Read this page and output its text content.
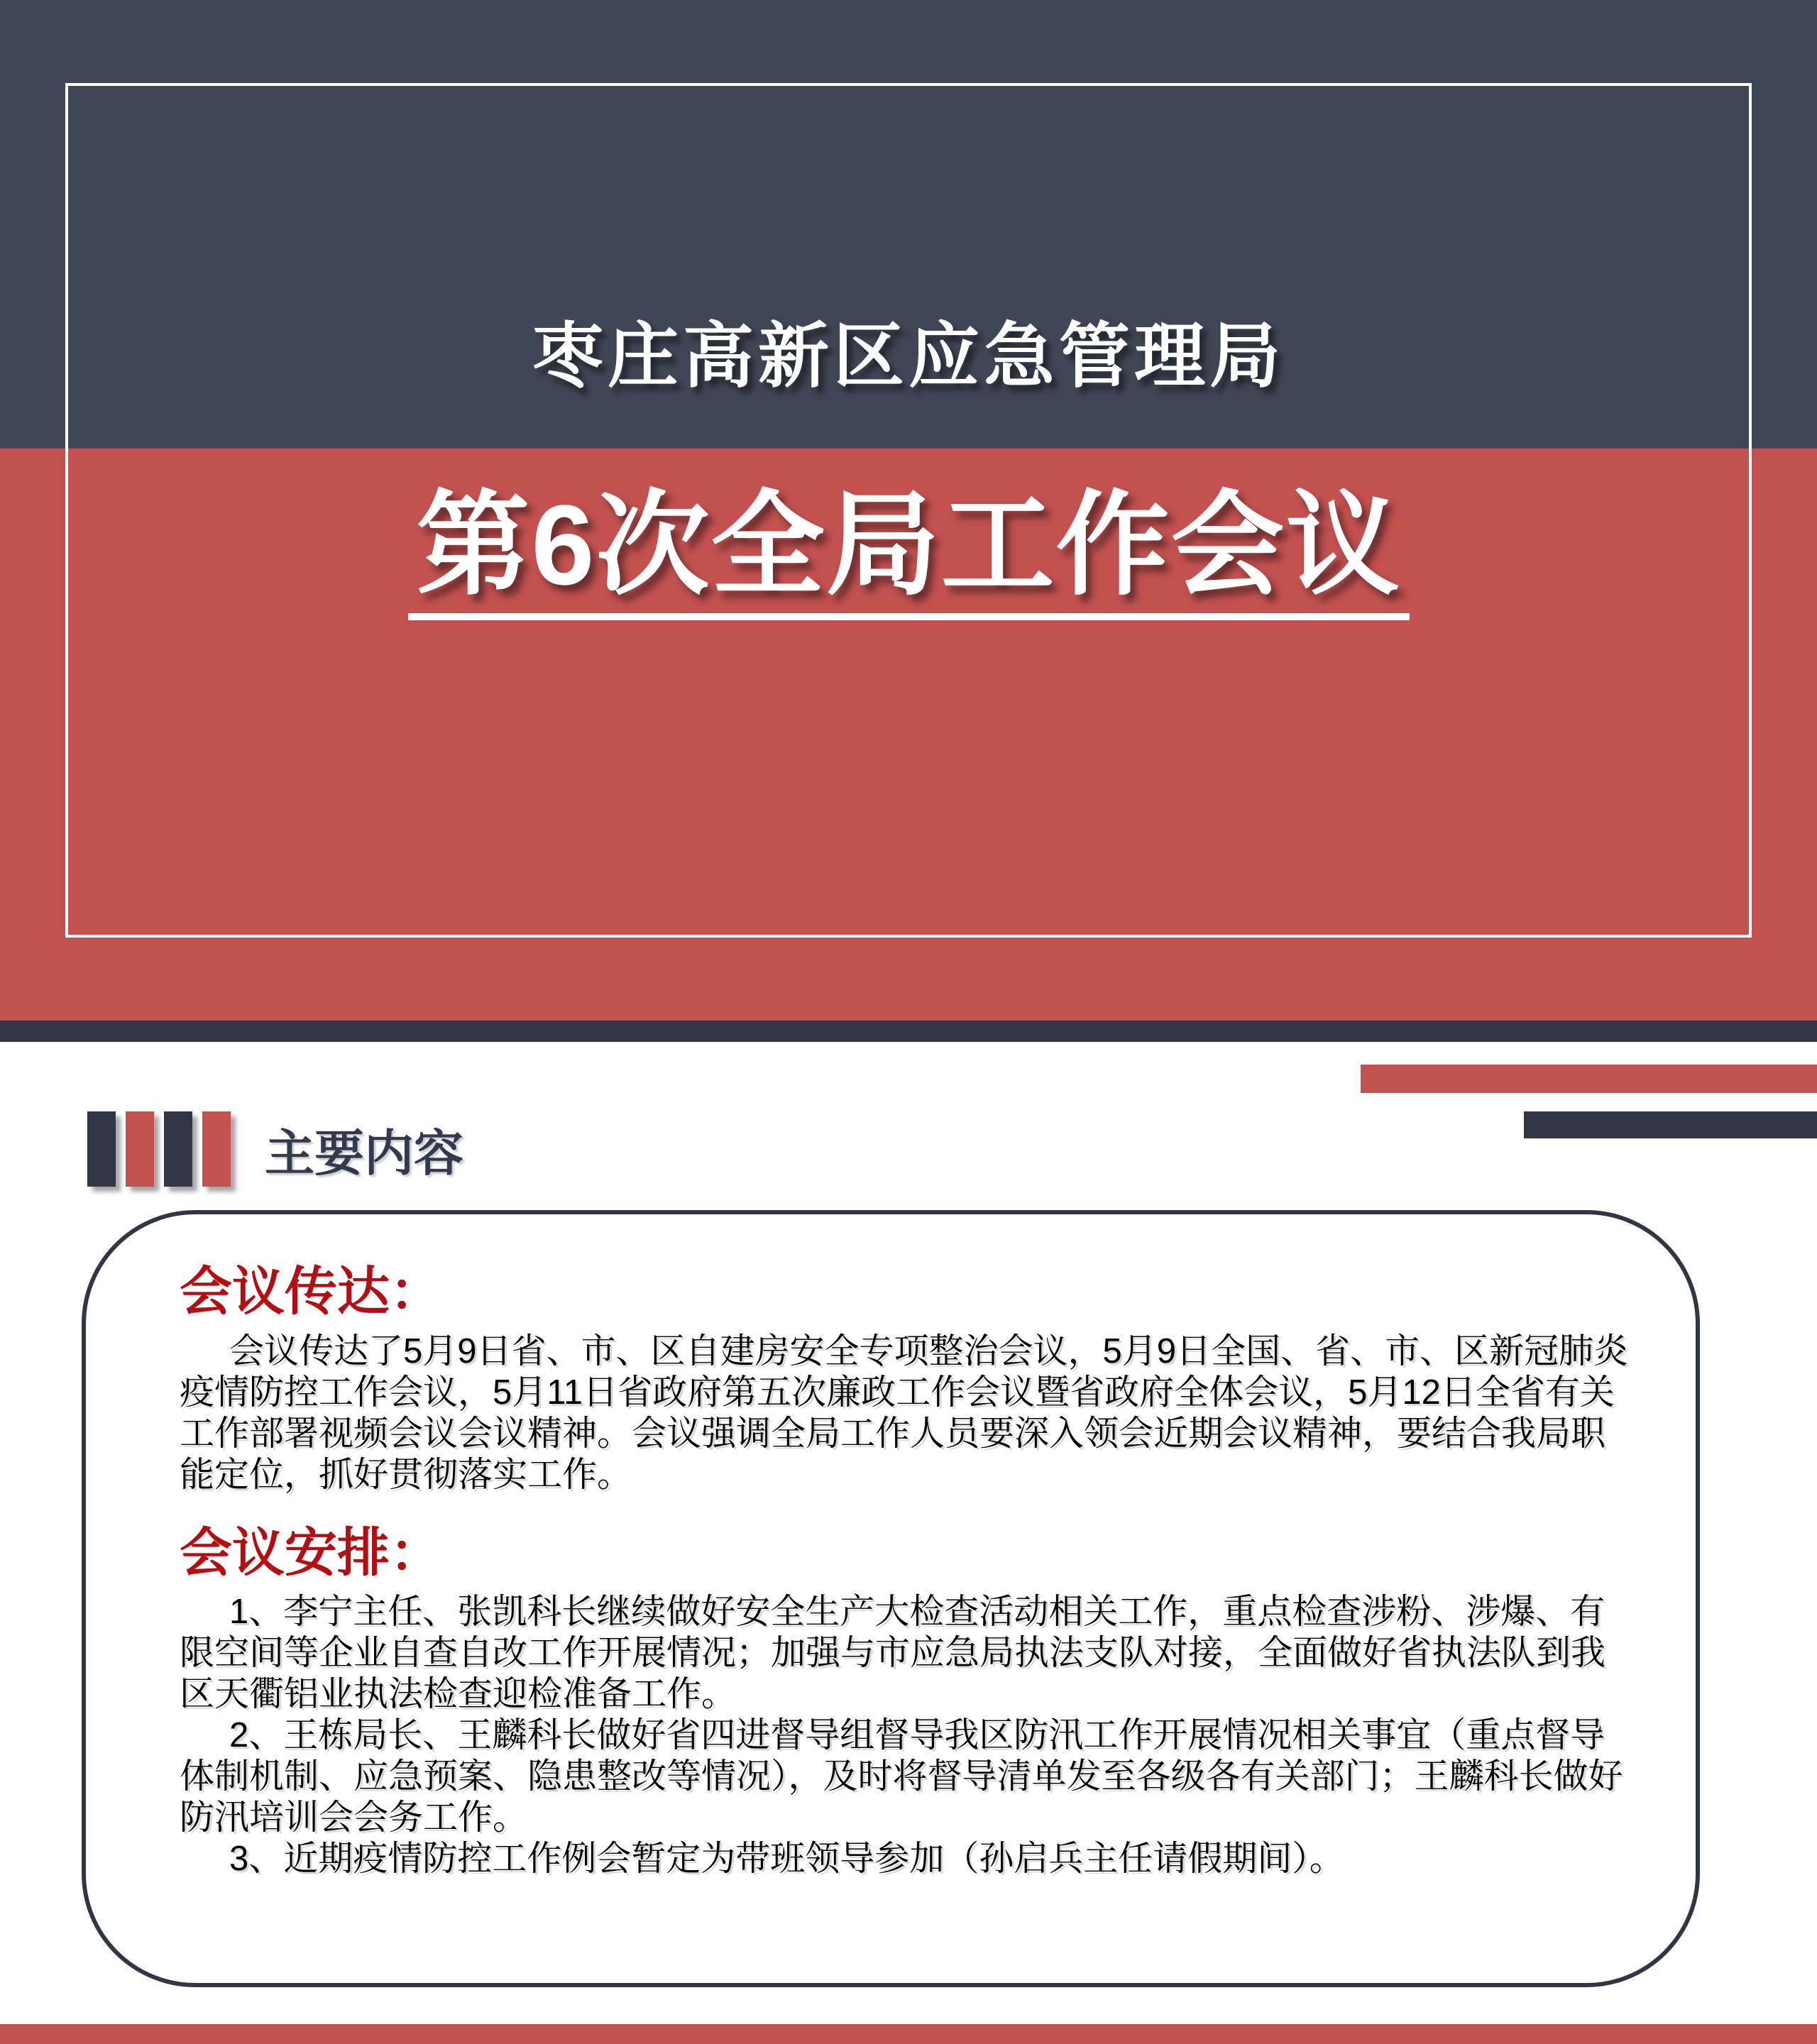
枣庄高新区应急管理局
第6次全局工作会议
主要内容
会议传达：

会议传达了5月9日省、市、区自建房安全专项整治会议，5月9日全国、省、市、区新冠肺炎疫情防控工作会议，5月11日省政府第五次廉政工作会议暨省政府全体会议，5月12日全省有关工作部署视频会议会议精神。会议强调全局工作人员要深入领会近期会议精神，要结合我局职能定位，抓好贯彻落实工作。

会议安排：

1、李宁主任、张凯科长继续做好安全生产大检查活动相关工作，重点检查涉粉、涉爆、有限空间等企业自查自改工作开展情况；加强与市应急局执法支队对接，全面做好省执法队到我区天衢铝业执法检查迎检准备工作。

2、王栋局长、王麟科长做好省四进督导组督导我区防汛工作开展情况相关事宜（重点督导体制机制、应急预案、隐患整改等情况），及时将督导清单发至各级各有关部门；王麟科长做好防汛培训会会务工作。

3、近期疫情防控工作例会暂定为带班领导参加（孙启兵主任请假期间）。
